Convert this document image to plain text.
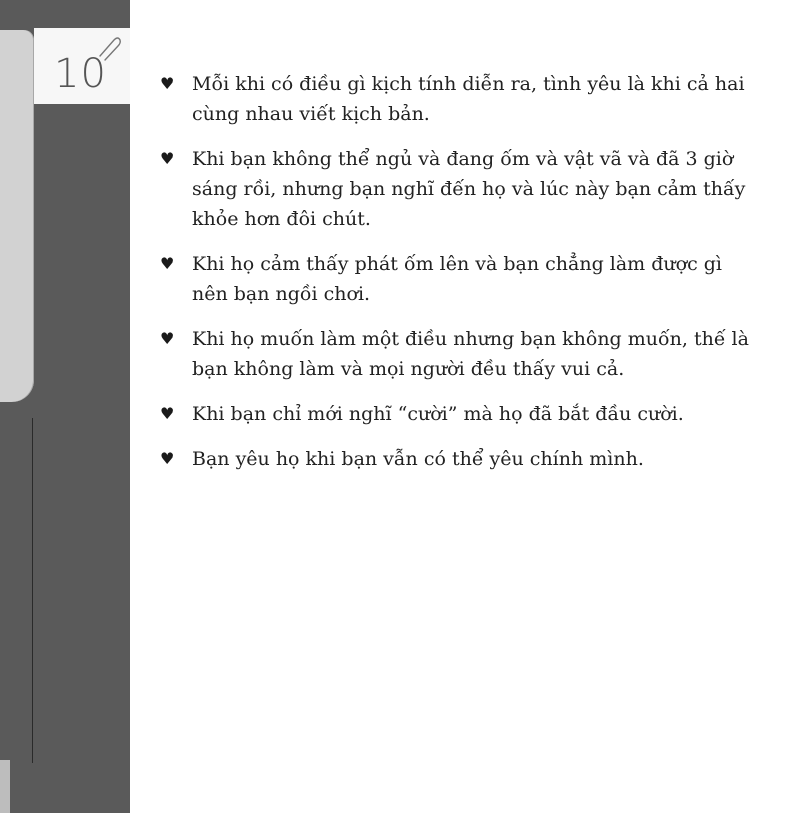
10	♥ Mỗi khi có điều gì kịch tính diễn ra, tình yêu là khi cả hai cùng nhau viết kịch bản.
♥ Khi bạn không thể ngủ và đang ốm và vật vã và đã 3 giờ sáng rồi, nhưng bạn nghĩ đến họ và lúc này bạn cảm thấy khỏe hơn đôi chút.
♥ Khi họ cảm thấy phát ốm lên và bạn chẳng làm được gì nên bạn ngồi chơi.
♥ Khi họ muốn làm một điều nhưng bạn không muốn, thế là bạn không làm và mọi người đều thấy vui cả.
♥ Khi bạn chỉ mới nghĩ “cười” mà họ đã bắt đầu cười.
♥ Bạn yêu họ khi bạn vẫn có thể yêu chính mình.
